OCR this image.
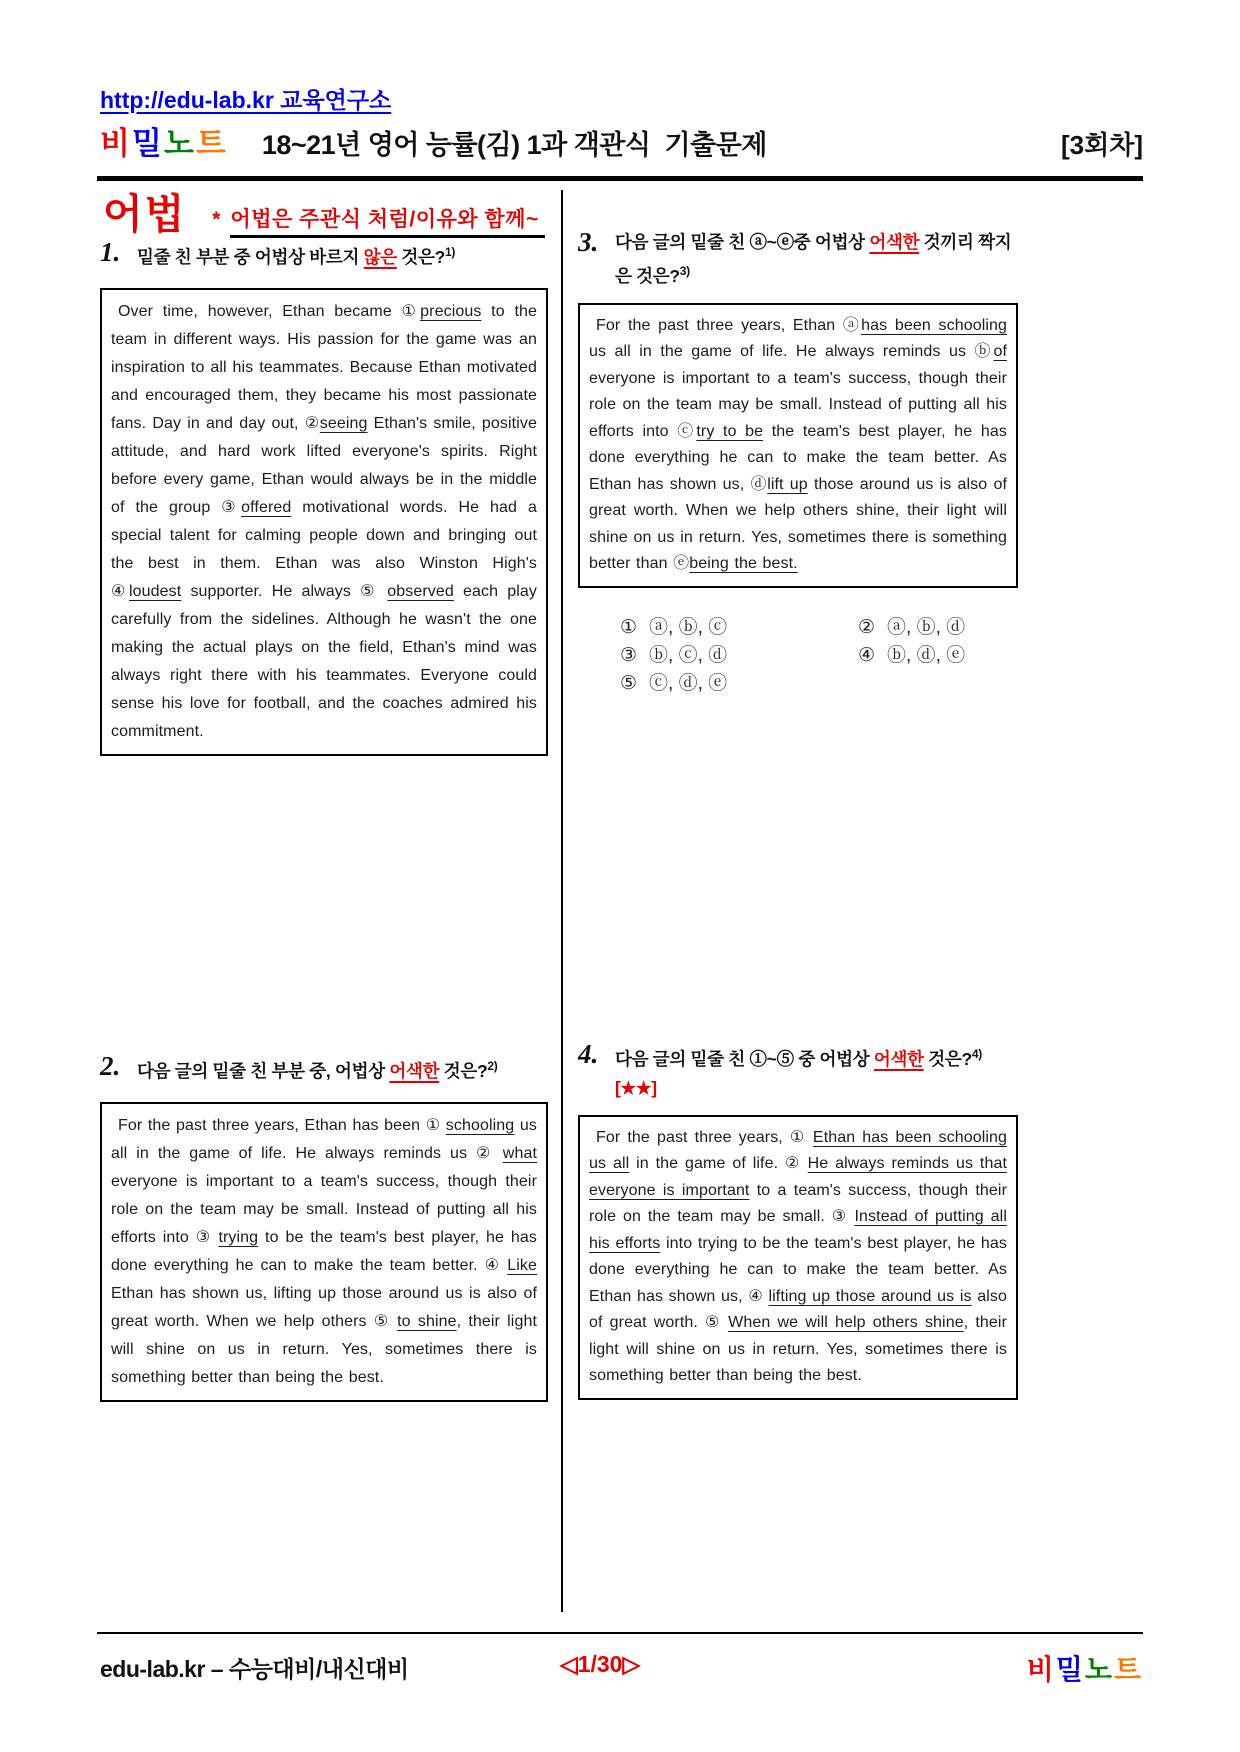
http://edu-lab.kr 교육연구소
비밀노트 18~21년 영어 능률(김) 1과 객관식  기출문제	[3회차]
어법 * 어법은 주관식 처럼/이유와 함께~
1. 밑줄 친 부분 중 어법상 바르지 않은 것은?$^{1)}$

Over time, however, Ethan became ①precious to the team in different ways. His passion for the game was an inspiration to all his teammates. Because Ethan motivated and encouraged them, they became his most passionate fans. Day in and day out, ②seeing Ethan's smile, positive attitude, and hard work lifted everyone's spirits. Right before every game, Ethan would always be in the middle of the group ③offered motivational words. He had a special talent for calming people down and bringing out the best in them. Ethan was also Winston High's ④loudest supporter. He always ⑤ observed each play carefully from the sidelines. Although he wasn't the one making the actual plays on the field, Ethan's mind was always right there with his teammates. Everyone could sense his love for football, and the coaches admired his commitment.

2. 다음 글의 밑줄 친 부분 중, 어법상 어색한 것은?$^{2)}$

For the past three years, Ethan has been ① schooling us all in the game of life. He always reminds us ② what everyone is important to a team's success, though their role on the team may be small. Instead of putting all his efforts into ③ trying to be the team's best player, he has done everything he can to make the team better. ④ Like Ethan has shown us, lifting up those around us is also of great worth. When we help others ⑤ to shine, their light will shine on us in return. Yes, sometimes there is something better than being the best.

3. 다음 글의 밑줄 친 ⓐ~ⓔ중 어법상 어색한 것끼리 짝지은 것은?$^{3)}$

For the past three years, Ethan ⓐhas been schooling us all in the game of life. He always reminds us ⓑof everyone is important to a team's success, though their role on the team may be small. Instead of putting all his efforts into ⓒtry to be the team's best player, he has done everything he can to make the team better. As Ethan has shown us, ⓓlift up those around us is also of great worth. When we help others shine, their light will shine on us in return. Yes, sometimes there is something better than ⓔbeing the best.

① ⓐ, ⓑ, ⓒ	② ⓐ, ⓑ, ⓓ
③ ⓑ, ⓒ, ⓓ	④ ⓑ, ⓓ, ⓔ
⑤ ⓒ, ⓓ, ⓔ
4. 다음 글의 밑줄 친 ①~⑤ 중 어법상 어색한 것은?$^{4)}$ [★★]

For the past three years, ① Ethan has been schooling us all in the game of life. ② He always reminds us that everyone is important to a team's success, though their role on the team may be small. ③ Instead of putting all his efforts into trying to be the team's best player, he has done everything he can to make the team better. As Ethan has shown us, ④ lifting up those around us is also of great worth. ⑤ When we will help others shine, their light will shine on us in return. Yes, sometimes there is something better than being the best.

edu-lab.kr – 수능대비/내신대비	◁1/30▷	비밀노트
